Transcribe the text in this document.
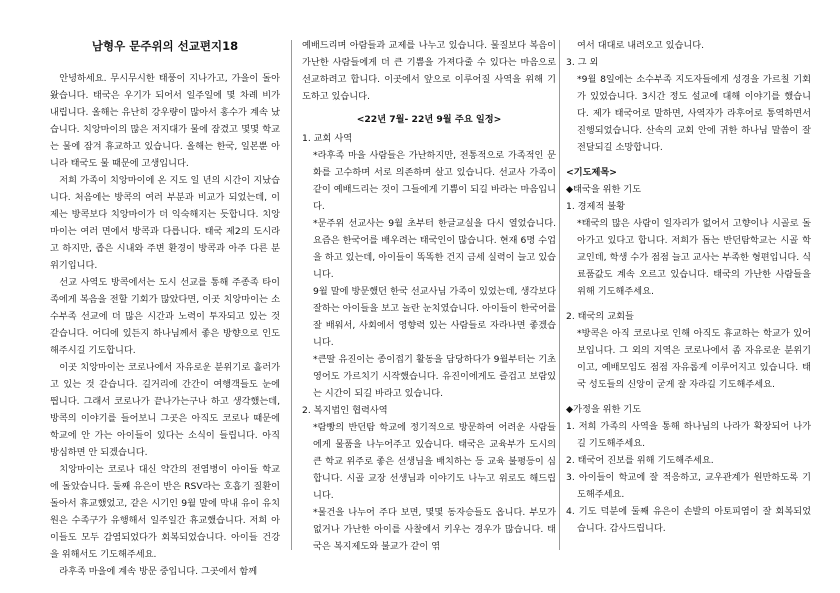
남형우 문주위의 선교편지18

안녕하세요. 무시무시한 태풍이 지나가고, 가을이 돌아왔습니다. 태국은 우기가 되어서 일주일에 몇 차례 비가 내립니다. 올해는 유난히 강우량이 많아서 홍수가 계속 났습니다. 치앙마이의 많은 저지대가 물에 잠겼고 몇몇 학교는 물에 잠겨 휴교하고 있습니다. 올해는 한국, 일본뿐 아니라 태국도 물 때문에 고생입니다.

저희 가족이 치앙마이에 온 지도 일 년의 시간이 지났습니다. 처음에는 방콕의 여러 부분과 비교가 되었는데, 이제는 방콕보다 치앙마이가 더 익숙해지는 듯합니다. 치앙마이는 여러 면에서 방콕과 다릅니다. 태국 제2의 도시라고 하지만, 좁은 시내와 주변 환경이 방콕과 아주 다른 분위기입니다.

선교 사역도 방콕에서는 도시 선교를 통해 주종족 타이족에게 복음을 전할 기회가 많았다면, 이곳 치앙마이는 소수부족 선교에 더 많은 시간과 노력이 투자되고 있는 것 같습니다. 어디에 있든지 하나님께서 좋은 방향으로 인도해주시길 기도합니다.

이곳 치앙마이는 코로나에서 자유로운 분위기로 흘러가고 있는 것 같습니다. 길거리에 간간이 여행객들도 눈에 띕니다. 그래서 코로나가 끝나가는구나 하고 생각했는데, 방콕의 이야기를 들어보니 그곳은 아직도 코로나 때문에 학교에 안 가는 아이들이 있다는 소식이 들립니다. 아직 방심하면 안 되겠습니다.

치앙마이는 코로나 대신 약간의 전염병이 아이들 학교에 돌았습니다. 둘째 유은이 반은 RSV라는 호흡기 질환이 돌아서 휴교했었고, 같은 시기인 9월 말에 막내 유이 유치원은 수족구가 유행해서 일주일간 휴교했습니다. 저희 아이들도 모두 감염되었다가 회복되었습니다. 아이들 건강을 위해서도 기도해주세요.

라후족 마을에 계속 방문 중입니다. 그곳에서 함께

예배드리며 아람들과 교제를 나누고 있습니다. 물질보다 복음이 가난한 사람들에게 더 큰 기쁨을 가져다줄 수 있다는 마음으로 선교하려고 합니다. 이곳에서 앞으로 이루어질 사역을 위해 기도하고 있습니다.

<22년 7월- 22년 9월 주요 일정>

1. 교회 사역

*라후족 마을 사람들은 가난하지만, 전통적으로 가족적인 문화를 고수하며 서로 의존하며 살고 있습니다. 선교사 가족이 같이 예배드리는 것이 그들에게 기쁨이 되길 바라는 마음입니다.

*문주위 선교사는 9월 초부터 한글교실을 다시 열었습니다. 요즘은 한국어를 배우려는 태국인이 많습니다. 현재 6명 수업을 하고 있는데, 아이들이 똑똑한 건지 금세 실력이 늘고 있습니다.

9월 말에 방문했던 한국 선교사님 가족이 있었는데, 생각보다 잘하는 아이들을 보고 놀란 눈치였습니다. 아이들이 한국어를 잘 배워서, 사회에서 영향력 있는 사람들로 자라나면 좋겠습니다.

*큰딸 유진이는 종이접기 활동을 담당하다가 9월부터는 기초영어도 가르치기 시작했습니다. 유진이에게도 즐겁고 보람있는 시간이 되길 바라고 있습니다.

2. 복지법인 협력사역

*람빵의 반던탐 학교에 정기적으로 방문하여 어려운 사람들에게 물품을 나누어주고 있습니다. 태국은 교육부가 도시의 큰 학교 위주로 좋은 선생님을 배치하는 등 교육 불평등이 심합니다. 시골 교장 선생님과 이야기도 나누고 위로도 해드립니다.

*물건을 나누어 주다 보면, 몇몇 동자승들도 옵니다. 부모가 없거나 가난한 아이를 사찰에서 키우는 경우가 많습니다. 태국은 복지제도와 불교가 같이 엮

여서 대대로 내려오고 있습니다.

3. 그 외

*9월 8일에는 소수부족 지도자들에게 성경을 가르칠 기회가 있었습니다. 3시간 정도 설교에 대해 이야기를 했습니다. 제가 태국어로 말하면, 사역자가 라후어로 통역하면서 진행되었습니다. 산속의 교회 안에 귀한 하나님 말씀이 잘 전달되길 소망합니다.

<기도제목>

◆태국을 위한 기도

1. 경제적 불황

*태국의 많은 사람이 일자리가 없어서 고향이나 시골로 돌아가고 있다고 합니다. 저희가 돕는 반던탐학교는 시골 학교인데, 학생 수가 점점 늘고 교사는 부족한 형편입니다. 식료품값도 계속 오르고 있습니다. 태국의 가난한 사람들을 위해 기도해주세요.

2. 태국의 교회들

*방콕은 아직 코로나로 인해 아직도 휴교하는 학교가 있어 보입니다. 그 외의 지역은 코로나에서 좀 자유로운 분위기이고, 예배모임도 점점 자유롭게 이루어지고 있습니다. 태국 성도들의 신앙이 굳게 잘 자라길 기도해주세요.

◆가정을 위한 기도

1. 저희 가족의 사역을 통해 하나님의 나라가 확장되어 나가길 기도해주세요.

2. 태국어 진보를 위해 기도해주세요.

3. 아이들이 학교에 잘 적응하고, 교우관계가 원만하도록 기도해주세요.

4. 기도 덕분에 둘째 유은이 손발의 아토피염이 잘 회복되었습니다. 감사드립니다.
